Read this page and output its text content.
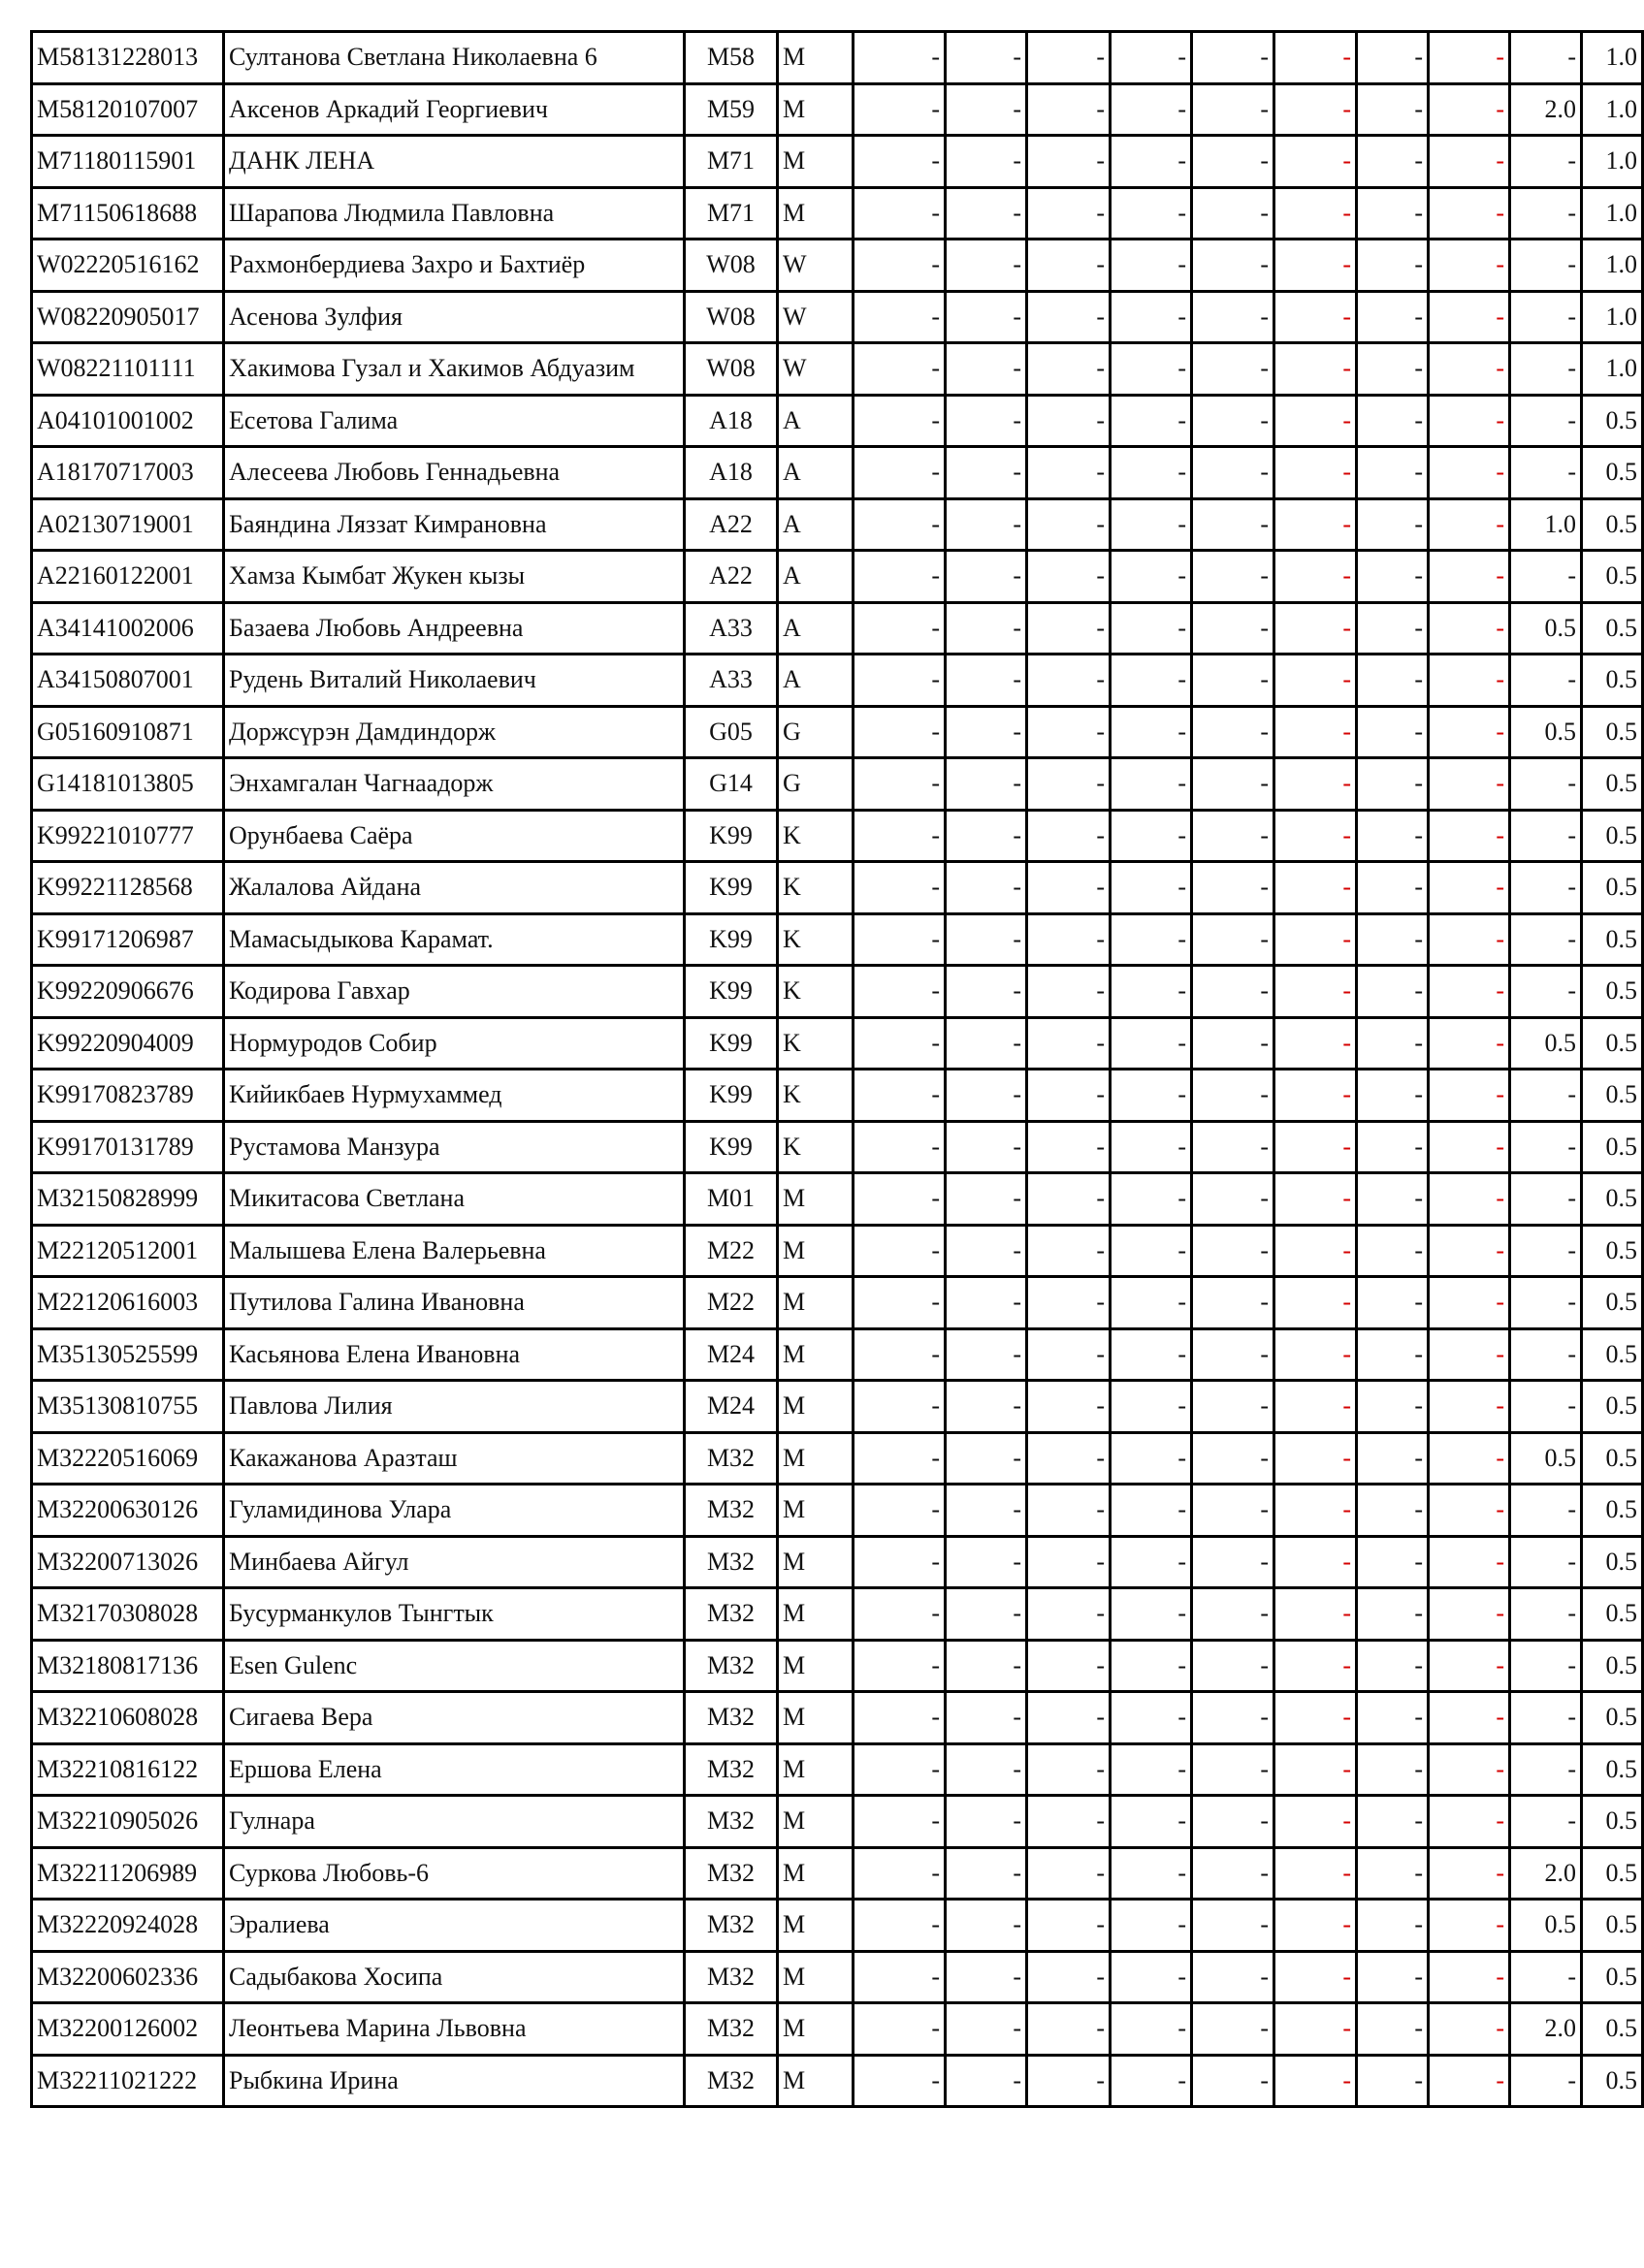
M58131228013	Султанова Светлана Николаевна 6	M58	M	-	-	-	-	-	-	-	-	-	1.0
M58120107007	Аксенов Аркадий Георгиевич	M59	M	-	-	-	-	-	-	-	-	2.0	1.0
M71180115901	ДАНК ЛЕНА	M71	M	-	-	-	-	-	-	-	-	-	1.0
M71150618688	Шарапова Людмила Павловна	M71	M	-	-	-	-	-	-	-	-	-	1.0
W02220516162	Рахмонбердиева Захро и Бахтиёр	W08	W	-	-	-	-	-	-	-	-	-	1.0
W08220905017	Асенова Зулфия	W08	W	-	-	-	-	-	-	-	-	-	1.0
W08221101111	Хакимова Гузал и Хакимов Абдуазим	W08	W	-	-	-	-	-	-	-	-	-	1.0
A04101001002	Есетова Галима	A18	A	-	-	-	-	-	-	-	-	-	0.5
A18170717003	Алесеева Любовь Геннадьевна	A18	A	-	-	-	-	-	-	-	-	-	0.5
A02130719001	Баяндина Ляззат Кимрановна	A22	A	-	-	-	-	-	-	-	-	1.0	0.5
A22160122001	Хамза Кымбат Жукен кызы	A22	A	-	-	-	-	-	-	-	-	-	0.5
A34141002006	Базаева Любовь Андреевна	A33	A	-	-	-	-	-	-	-	-	0.5	0.5
A34150807001	Рудень Виталий Николаевич	A33	A	-	-	-	-	-	-	-	-	-	0.5
G05160910871	Доржсүрэн Дамдиндорж	G05	G	-	-	-	-	-	-	-	-	0.5	0.5
G14181013805	Энхамгалан Чагнаадорж	G14	G	-	-	-	-	-	-	-	-	-	0.5
K99221010777	Орунбаева Саёра	K99	K	-	-	-	-	-	-	-	-	-	0.5
K99221128568	Жалалова Айдана	K99	K	-	-	-	-	-	-	-	-	-	0.5
K99171206987	Мамасыдыкова Карамат.	K99	K	-	-	-	-	-	-	-	-	-	0.5
K99220906676	Кодирова Гавхар	K99	K	-	-	-	-	-	-	-	-	-	0.5
K99220904009	Нормуродов Собир	K99	K	-	-	-	-	-	-	-	-	0.5	0.5
K99170823789	Кийикбаев Нурмухаммед	K99	K	-	-	-	-	-	-	-	-	-	0.5
K99170131789	Рустамова Манзура	K99	K	-	-	-	-	-	-	-	-	-	0.5
M32150828999	Микитасова Светлана	M01	M	-	-	-	-	-	-	-	-	-	0.5
M22120512001	Малышева Елена Валерьевна	M22	M	-	-	-	-	-	-	-	-	-	0.5
M22120616003	Путилова Галина Ивановна	M22	M	-	-	-	-	-	-	-	-	-	0.5
M35130525599	Касьянова Елена Ивановна	M24	M	-	-	-	-	-	-	-	-	-	0.5
M35130810755	Павлова Лилия	M24	M	-	-	-	-	-	-	-	-	-	0.5
M32220516069	Какажанова Аразташ	M32	M	-	-	-	-	-	-	-	-	0.5	0.5
M32200630126	Гуламидинова Улара	M32	M	-	-	-	-	-	-	-	-	-	0.5
M32200713026	Минбаева Айгул	M32	M	-	-	-	-	-	-	-	-	-	0.5
M32170308028	Бусурманкулов Тынгтык	M32	M	-	-	-	-	-	-	-	-	-	0.5
M32180817136	Esen Gulenc	M32	M	-	-	-	-	-	-	-	-	-	0.5
M32210608028	Сигаева Вера	M32	M	-	-	-	-	-	-	-	-	-	0.5
M32210816122	Ершова Елена	M32	M	-	-	-	-	-	-	-	-	-	0.5
M32210905026	Гулнара	M32	M	-	-	-	-	-	-	-	-	-	0.5
M32211206989	Суркова Любовь-6	M32	M	-	-	-	-	-	-	-	-	2.0	0.5
M32220924028	Эралиева	M32	M	-	-	-	-	-	-	-	-	0.5	0.5
M32200602336	Садыбакова Хосипа	M32	M	-	-	-	-	-	-	-	-	-	0.5
M32200126002	Леонтьева Марина Львовна	M32	M	-	-	-	-	-	-	-	-	2.0	0.5
M32211021222	Рыбкина Ирина	M32	M	-	-	-	-	-	-	-	-	-	0.5
